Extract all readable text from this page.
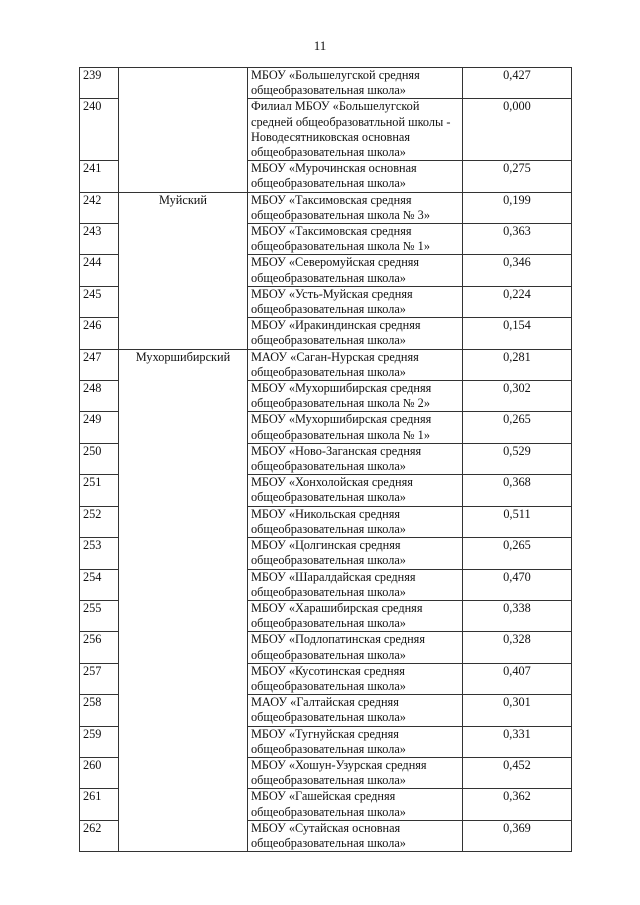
11
239		МБОУ «Большелугской средняя общеобразовательная школа»	0,427
240		Филиал МБОУ «Большелугской средней общеобразоватльной школы - Новодесятниковская основная общеобразовательная школа»	0,000
241		МБОУ «Мурочинская основная общеобразовательная школа»	0,275
242	Муйский	МБОУ «Таксимовская средняя общеобразовательная школа № 3»	0,199
243		МБОУ «Таксимовская средняя общеобразовательная школа № 1»	0,363
244		МБОУ «Северомуйская средняя общеобразовательная школа»	0,346
245		МБОУ «Усть-Муйская средняя общеобразовательная школа»	0,224
246		МБОУ «Иракиндинская средняя общеобразовательная школа»	0,154
247	Мухоршибирский	МАОУ «Саган-Нурская средняя общеобразовательная школа»	0,281
248		МБОУ «Мухоршибирская средняя общеобразовательная школа № 2»	0,302
249		МБОУ «Мухоршибирская средняя общеобразовательная школа № 1»	0,265
250		МБОУ «Ново-Заганская средняя общеобразовательная школа»	0,529
251		МБОУ «Хонхолойская средняя общеобразовательная школа»	0,368
252		МБОУ «Никольская средняя общеобразовательная школа»	0,511
253		МБОУ «Цолгинская средняя общеобразовательная школа»	0,265
254		МБОУ «Шаралдайская средняя общеобразовательная школа»	0,470
255		МБОУ «Харашибирская средняя общеобразовательная школа»	0,338
256		МБОУ «Подлопатинская средняя общеобразовательная школа»	0,328
257		МБОУ «Кусотинская средняя общеобразовательная школа»	0,407
258		МАОУ «Галтайская средняя общеобразовательная школа»	0,301
259		МБОУ «Тугнуйская средняя общеобразовательная школа»	0,331
260		МБОУ «Хошун-Узурская средняя общеобразовательная школа»	0,452
261		МБОУ «Гашейская средняя общеобразовательная школа»	0,362
262		МБОУ «Сутайская основная общеобразовательная школа»	0,369
